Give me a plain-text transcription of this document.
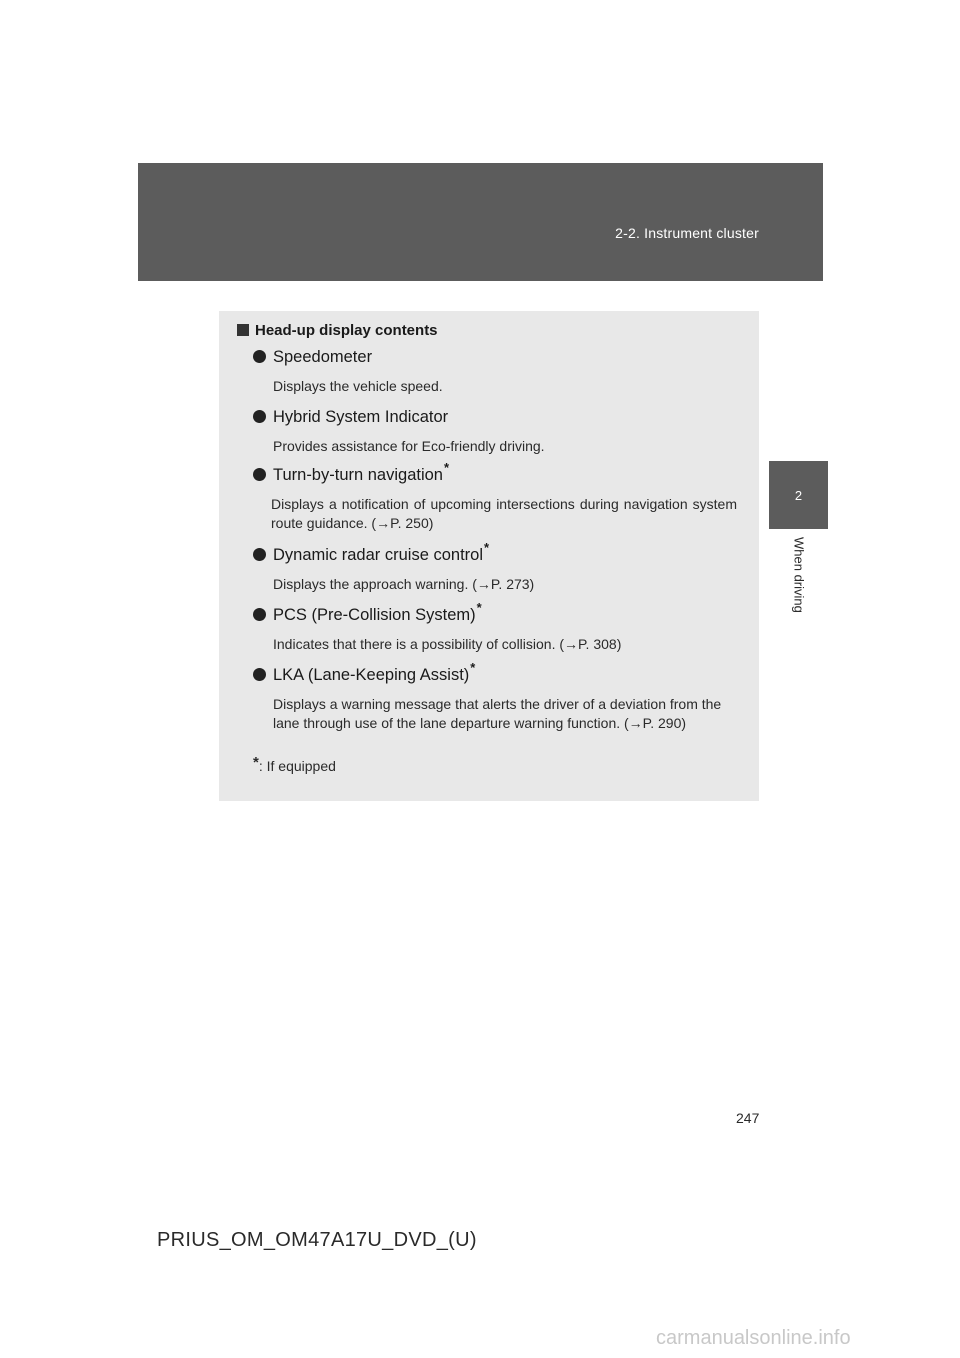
2-2. Instrument cluster
2
When driving
Head-up display contents
Speedometer
Displays the vehicle speed.
Hybrid System Indicator
Provides assistance for Eco-friendly driving.
Turn-by-turn navigation*
Displays a notification of upcoming intersections during navigation system route guidance. (→P. 250)
Dynamic radar cruise control*
Displays the approach warning. (→P. 273)
PCS (Pre-Collision System)*
Indicates that there is a possibility of collision. (→P. 308)
LKA (Lane-Keeping Assist)*
Displays a warning message that alerts the driver of a deviation from the lane through use of the lane departure warning function. (→P. 290)
*: If equipped
247
PRIUS_OM_OM47A17U_DVD_(U)
carmanualsonline.info
